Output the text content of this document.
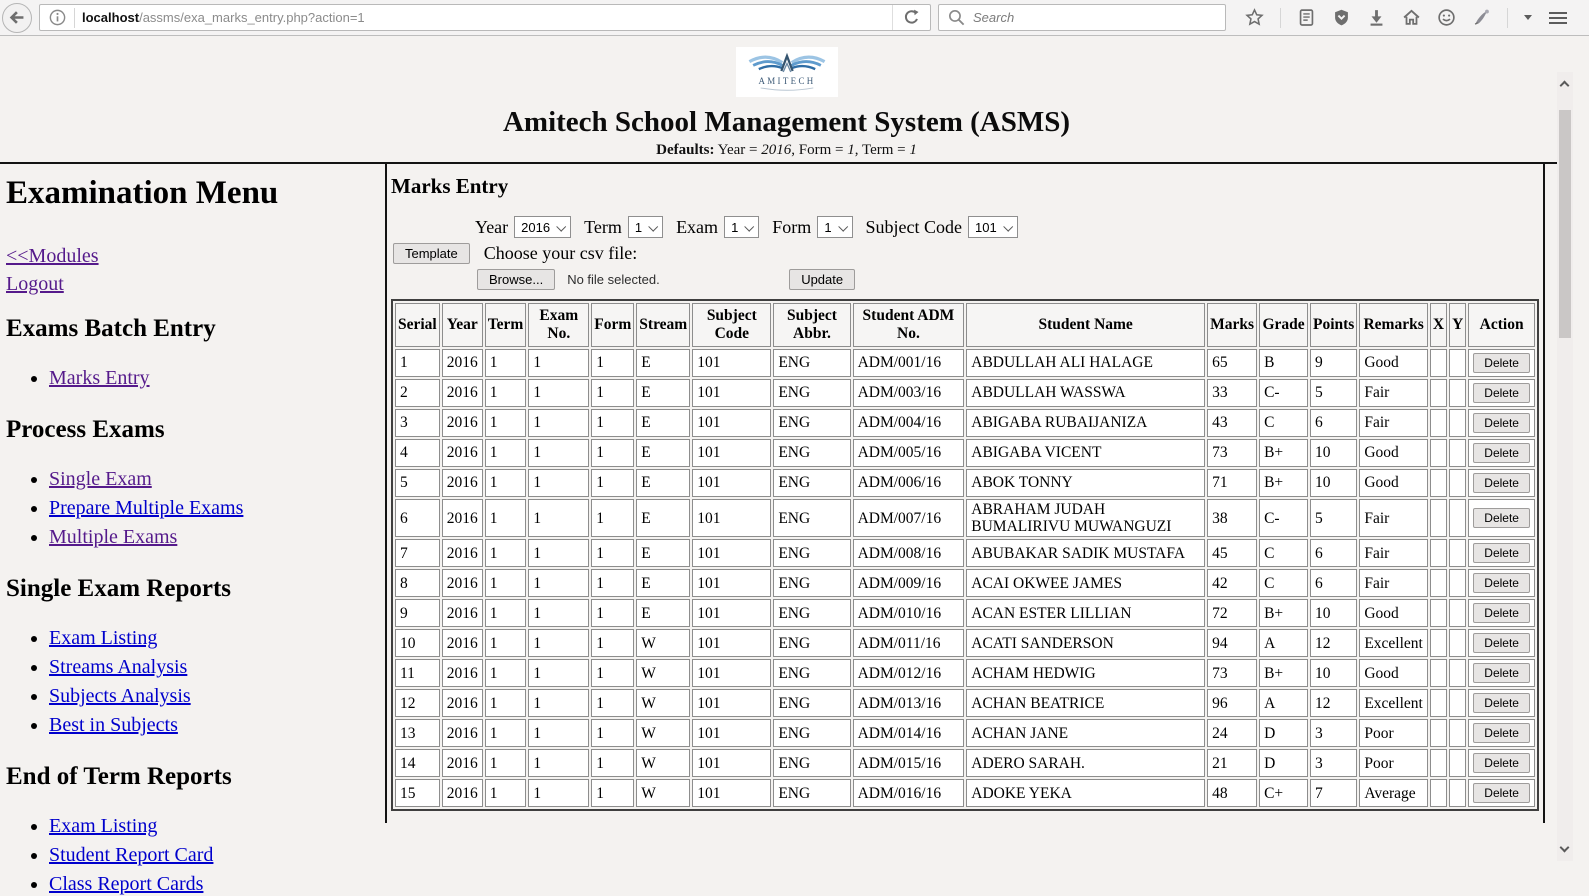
localhost/assms/exa_marks_entry.php?action=1	Search
AMITECH
Amitech School Management System (ASMS)
Defaults: Year = 2016, Form = 1, Term = 1
Examination Menu
<<Modules
Logout
Exams Batch Entry
• Marks Entry
Process Exams
• Single Exam
• Prepare Multiple Exams
• Multiple Exams
Single Exam Reports
• Exam Listing
• Streams Analysis
• Subjects Analysis
• Best in Subjects
End of Term Reports
• Exam Listing
• Student Report Card
• Class Report Cards
Marks Entry
Year 2016 Term 1 Exam 1 Form 1 Subject Code 101
Template	Choose your csv file:
Browse...	No file selected.	Update
Serial	Year	Term	Exam No.	Form	Stream	Subject Code	Subject Abbr.	Student ADM No.	Student Name	Marks	Grade	Points	Remarks	X	Y	Action
1	2016	1	1	1	E	101	ENG	ADM/001/16	ABDULLAH ALI HALAGE	65	B	9	Good			Delete

2	2016	1	1	1	E	101	ENG	ADM/003/16	ABDULLAH WASSWA	33	C-	5	Fair			Delete

3	2016	1	1	1	E	101	ENG	ADM/004/16	ABIGABA RUBAIJANIZA	43	C	6	Fair			Delete

4	2016	1	1	1	E	101	ENG	ADM/005/16	ABIGABA VICENT	73	B+	10	Good			Delete

5	2016	1	1	1	E	101	ENG	ADM/006/16	ABOK TONNY	71	B+	10	Good			Delete

6	2016	1	1	1	E	101	ENG	ADM/007/16	ABRAHAM JUDAH BUMALIRIVU MUWANGUZI	38	C-	5	Fair			Delete

7	2016	1	1	1	E	101	ENG	ADM/008/16	ABUBAKAR SADIK MUSTAFA	45	C	6	Fair			Delete

8	2016	1	1	1	E	101	ENG	ADM/009/16	ACAI OKWEE JAMES	42	C	6	Fair			Delete

9	2016	1	1	1	E	101	ENG	ADM/010/16	ACAN ESTER LILLIAN	72	B+	10	Good			Delete

10	2016	1	1	1	W	101	ENG	ADM/011/16	ACATI SANDERSON	94	A	12	Excellent			Delete

11	2016	1	1	1	W	101	ENG	ADM/012/16	ACHAM HEDWIG	73	B+	10	Good			Delete

12	2016	1	1	1	W	101	ENG	ADM/013/16	ACHAN BEATRICE	96	A	12	Excellent			Delete

13	2016	1	1	1	W	101	ENG	ADM/014/16	ACHAN JANE	24	D	3	Poor			Delete

14	2016	1	1	1	W	101	ENG	ADM/015/16	ADERO SARAH.	21	D	3	Poor			Delete

15	2016	1	1	1	W	101	ENG	ADM/016/16	ADOKE YEKA	48	C+	7	Average			Delete
